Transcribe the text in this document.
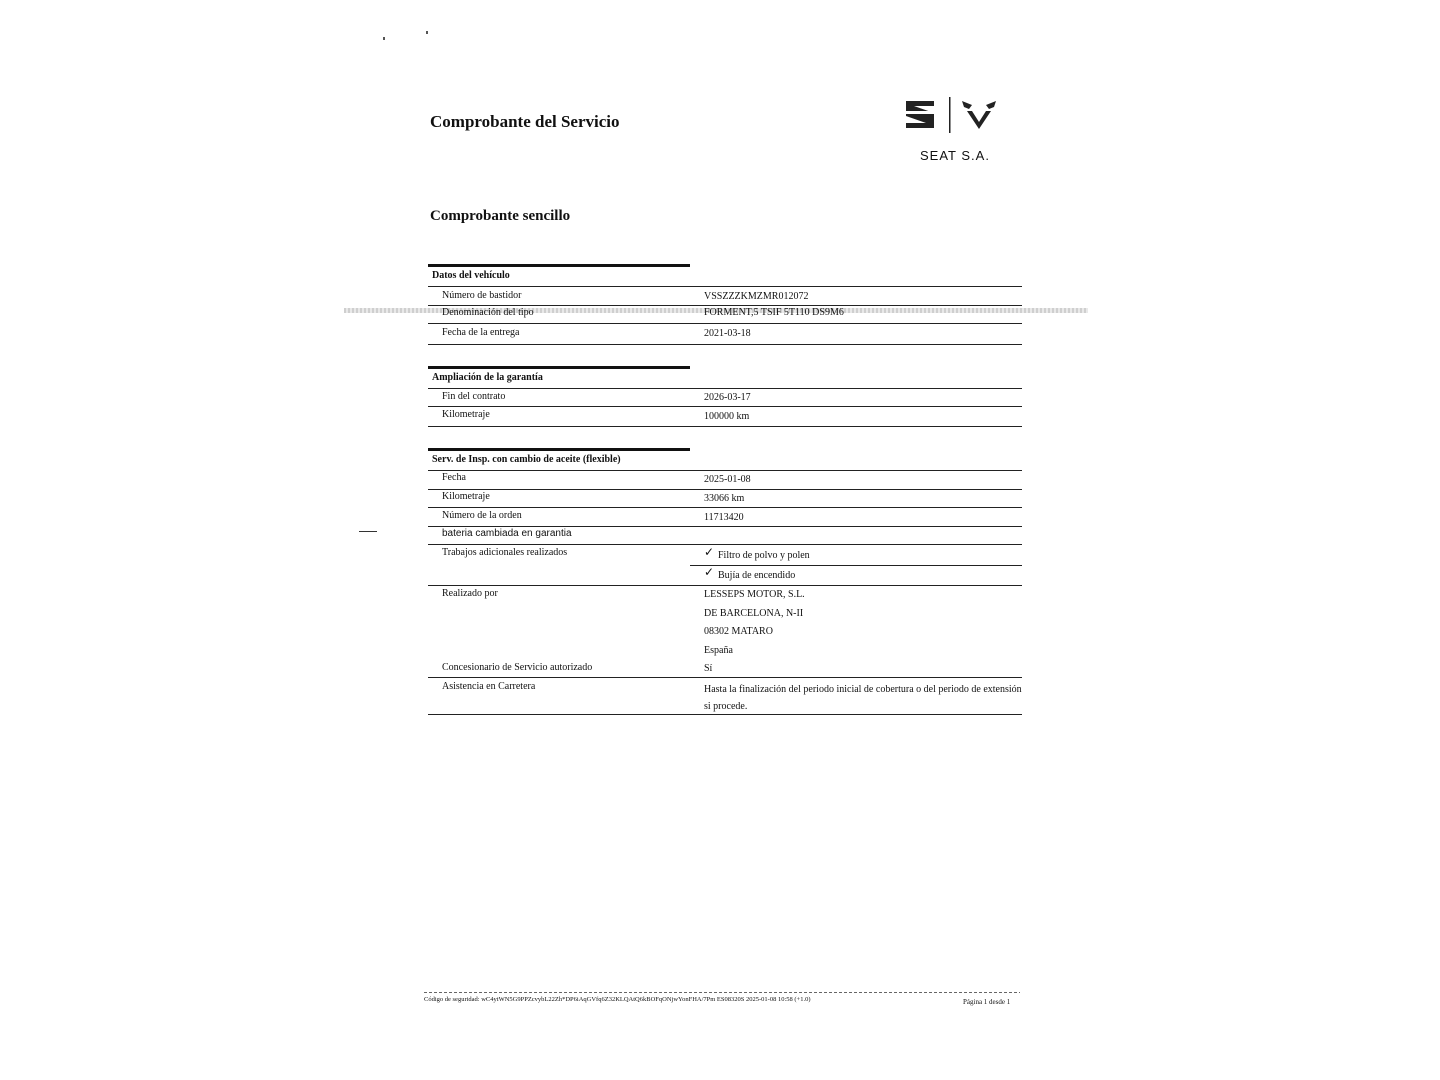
Comprobante del Servicio
SEAT S.A.
Comprobante sencillo
Datos del vehículo
Número de bastidor	VSSZZZKMZMR012072
Denominación del tipo	FORMENT,5 TSIF 5T110 DS9M6
Fecha de la entrega	2021-03-18
Ampliación de la garantía
Fin del contrato	2026-03-17
Kilometraje	100000 km
Serv. de Insp. con cambio de aceite (flexible)
Fecha	2025-01-08
Kilometraje	33066 km
Número de la orden	11713420
bateria cambiada en garantia
Trabajos adicionales realizados	✓ Filtro de polvo y polen
✓ Bujía de encendido
Realizado por	LESSEPS MOTOR, S.L.
DE BARCELONA, N-II
08302 MATARO
España
Concesionario de Servicio autorizado	Sí
Asistencia en Carretera	Hasta la finalización del periodo inicial de cobertura o del periodo de extensión
si procede.
Código de seguridad: wC4ytWN5G9PPZcvybL22Zh*DP6iAqGVfq6Z32KLQAtQ6kBOFqONjwYonFHA/7Pm ES08320S 2025-01-08 10:58 (+1.0)	Página 1 desde 1
